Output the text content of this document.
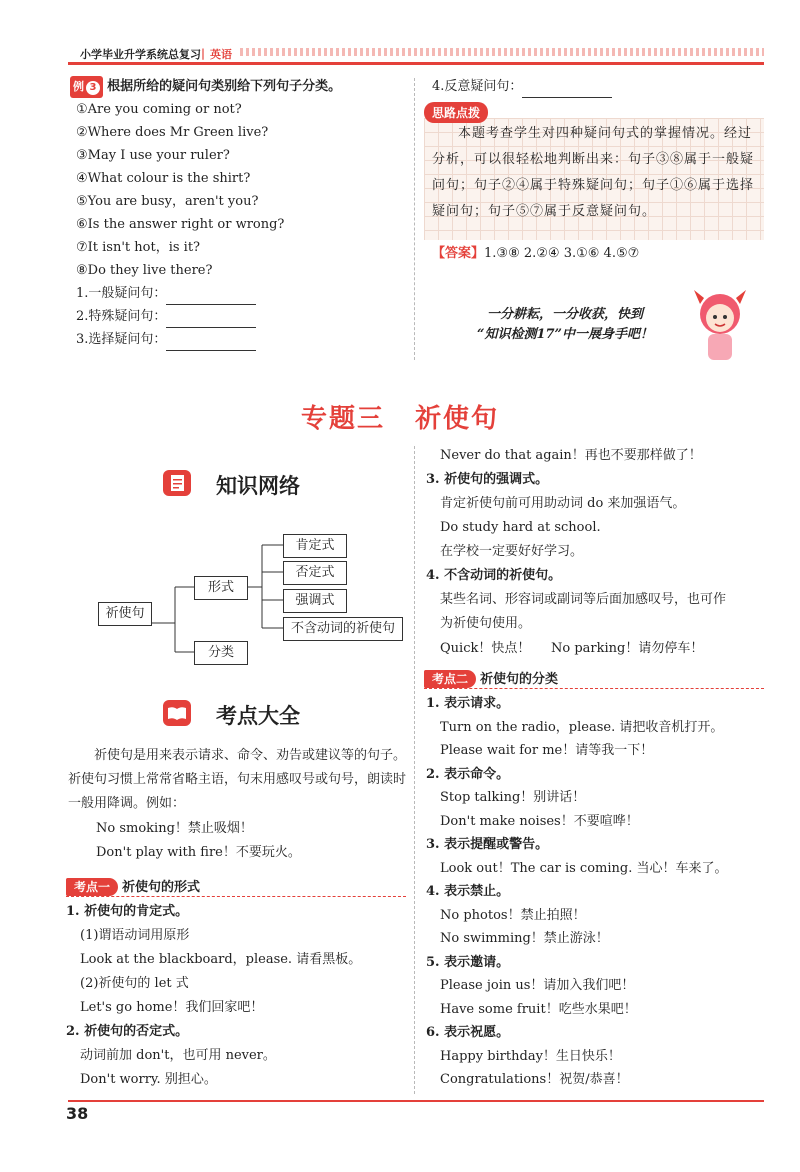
小学毕业升学系统总复习 | 英语
例 3 根据所给的疑问句类别给下列句子分类。
①Are you coming or not?
②Where does Mr Green live?
③May I use your ruler?
④What colour is the shirt?
⑤You are busy，aren't you?
⑥Is the answer right or wrong?
⑦It isn't hot，is it?
⑧Do they live there?
1.一般疑问句：
2.特殊疑问句：
3.选择疑问句：
4.反意疑问句：
思路点拨
本题考查学生对四种疑问句式的掌握情况。经过分析，可以很轻松地判断出来：句子③⑧属于一般疑问句；句子②④属于特殊疑问句；句子①⑥属于选择疑问句；句子⑤⑦属于反意疑问句。
【答案】1.③⑧ 2.②④ 3.①⑥ 4.⑤⑦
一分耕耘，一分收获，快到
“知识检测17”中一展身手吧！
专题三 祈使句
知识网络
祈使句
形式
分类
肯定式
否定式
强调式
不含动词的祈使句
考点大全
祈使句是用来表示请求、命令、劝告或建议等的句子。祈使句习惯上常常省略主语，句末用感叹号或句号，朗读时一般用降调。例如：
No smoking！禁止吸烟！
Don't play with fire！不要玩火。
考点一 祈使句的形式
1. 祈使句的肯定式。
(1)谓语动词用原形
Look at the blackboard，please. 请看黑板。
(2)祈使句的 let 式
Let's go home！我们回家吧！
2. 祈使句的否定式。
动词前加 don't，也可用 never。
Don't worry. 别担心。
Never do that again！再也不要那样做了！
3. 祈使句的强调式。
肯定祈使句前可用助动词 do 来加强语气。
Do study hard at school.
在学校一定要好好学习。
4. 不含动词的祈使句。
某些名词、形容词或副词等后面加感叹号，也可作
为祈使句使用。
Quick！快点！     No parking！请勿停车！
考点二 祈使句的分类
1. 表示请求。
Turn on the radio，please. 请把收音机打开。
Please wait for me！请等我一下！
2. 表示命令。
Stop talking！别讲话！
Don't make noises！不要喧哗！
3. 表示提醒或警告。
Look out！The car is coming. 当心！车来了。
4. 表示禁止。
No photos！禁止拍照！
No swimming！禁止游泳！
5. 表示邀请。
Please join us！请加入我们吧！
Have some fruit！吃些水果吧！
6. 表示祝愿。
Happy birthday！生日快乐！
Congratulations！祝贺/恭喜！
38
